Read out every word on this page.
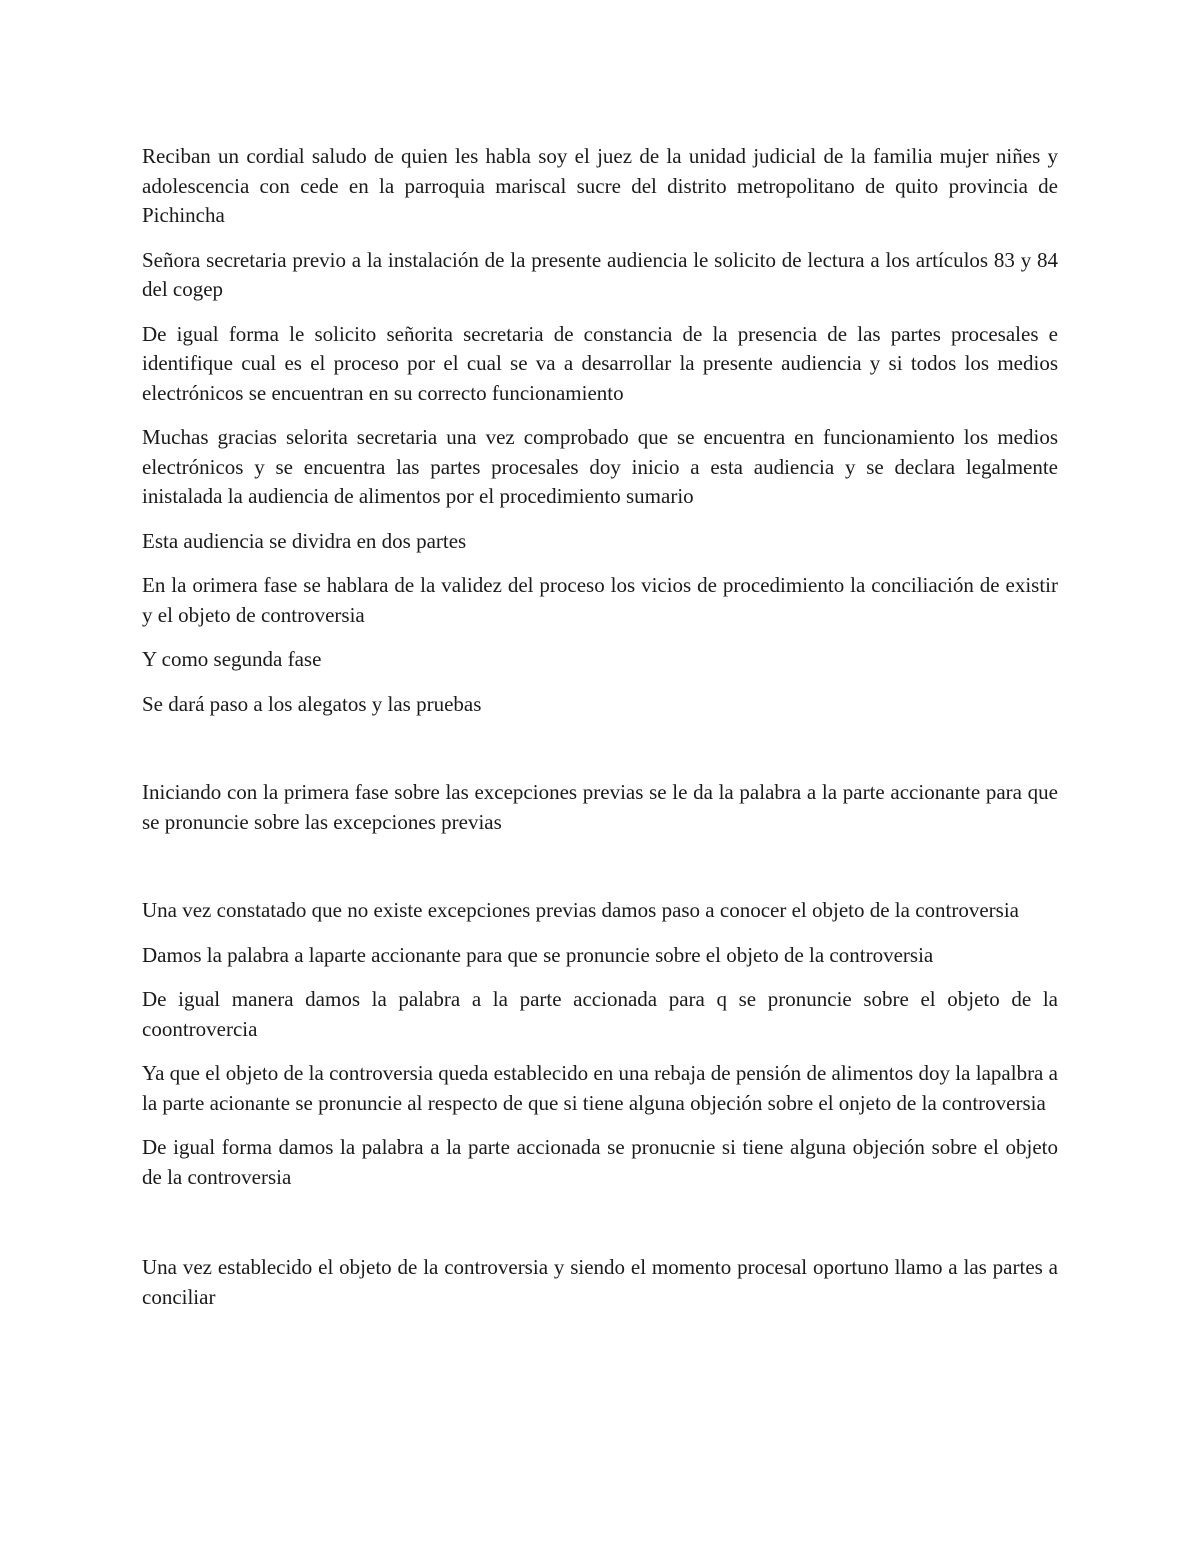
Reciban un cordial saludo de quien les habla soy el juez de la unidad judicial de la familia mujer niñes y adolescencia con cede en la parroquia mariscal sucre del distrito metropolitano de quito provincia de Pichincha

Señora secretaria previo a la instalación de la presente audiencia le solicito de lectura a los artículos 83 y 84 del cogep

De igual forma le solicito señorita secretaria de constancia de la presencia de las partes procesales e identifique cual es el proceso por el cual se va a desarrollar la presente audiencia y si todos los medios electrónicos se encuentran en su correcto funcionamiento

Muchas gracias selorita secretaria una vez comprobado que se encuentra en funcionamiento los medios electrónicos y se encuentra las partes procesales doy inicio a esta audiencia y se declara legalmente inistalada la audiencia de alimentos por el procedimiento sumario

Esta audiencia se dividra en dos partes

En la orimera fase se hablara de la validez del proceso los vicios de procedimiento la conciliación de existir y el objeto de controversia

Y como segunda fase

Se dará paso a los alegatos y las pruebas

Iniciando con la primera fase sobre las excepciones previas se le da la palabra a la parte accionante para que se pronuncie sobre las excepciones previas

Una vez constatado que no existe excepciones previas damos paso a conocer el objeto de la controversia

Damos la palabra a laparte accionante para que se pronuncie sobre el objeto de la controversia

De igual manera damos la palabra a la parte accionada para q se pronuncie sobre el objeto de la coontrovercia

Ya que el objeto de la controversia queda establecido en una rebaja de pensión de alimentos doy la lapalbra a la parte acionante se pronuncie al respecto de que si tiene alguna objeción sobre el onjeto de la controversia

De igual forma damos la palabra a la parte accionada se pronucnie si tiene alguna objeción sobre el objeto de la controversia

Una vez establecido el objeto de la controversia y siendo el momento procesal oportuno llamo a las partes a conciliar
